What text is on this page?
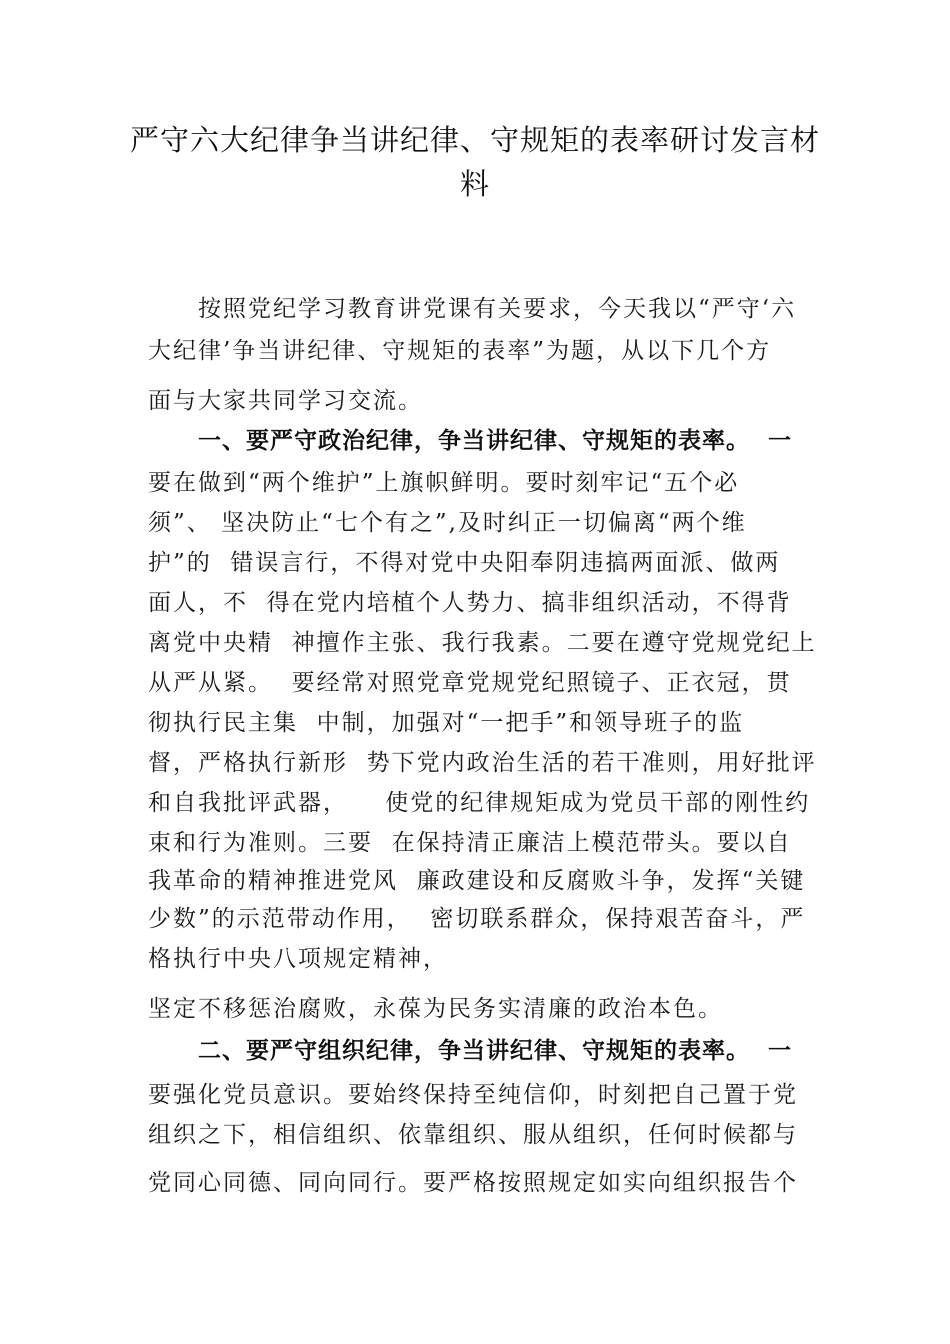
严守六大纪律争当讲纪律、守规矩的表率研讨发言材
料
按照党纪学习教育讲党课有关要求，今天我以“严守‘六
大纪律’争当讲纪律、守规矩的表率”为题，从以下几个方
面与大家共同学习交流。
一、要严守政治纪律，争当讲纪律、守规矩的表率。  一
要在做到“两个维护”上旗帜鲜明。要时刻牢记“五个必
须”、 坚决防止“七个有之”,及时纠正一切偏离“两个维
护”的  错误言行，不得对党中央阳奉阴违搞两面派、做两
面人，不  得在党内培植个人势力、搞非组织活动，不得背
离党中央精  神擅作主张、我行我素。二要在遵守党规党纪上
从严从紧。  要经常对照党章党规党纪照镜子、正衣冠，贯
彻执行民主集  中制，加强对“一把手”和领导班子的监
督，严格执行新形  势下党内政治生活的若干准则，用好批评
和自我批评武器，    使党的纪律规矩成为党员干部的刚性约
束和行为准则。三要  在保持清正廉洁上模范带头。要以自
我革命的精神推进党风  廉政建设和反腐败斗争，发挥“关键
少数”的示范带动作用，  密切联系群众，保持艰苦奋斗，严
格执行中央八项规定精神，
坚定不移惩治腐败，永葆为民务实清廉的政治本色。
二、要严守组织纪律，争当讲纪律、守规矩的表率。  一
要强化党员意识。要始终保持至纯信仰，时刻把自己置于党
组织之下，相信组织、依靠组织、服从组织，任何时候都与
党同心同德、同向同行。要严格按照规定如实向组织报告个
